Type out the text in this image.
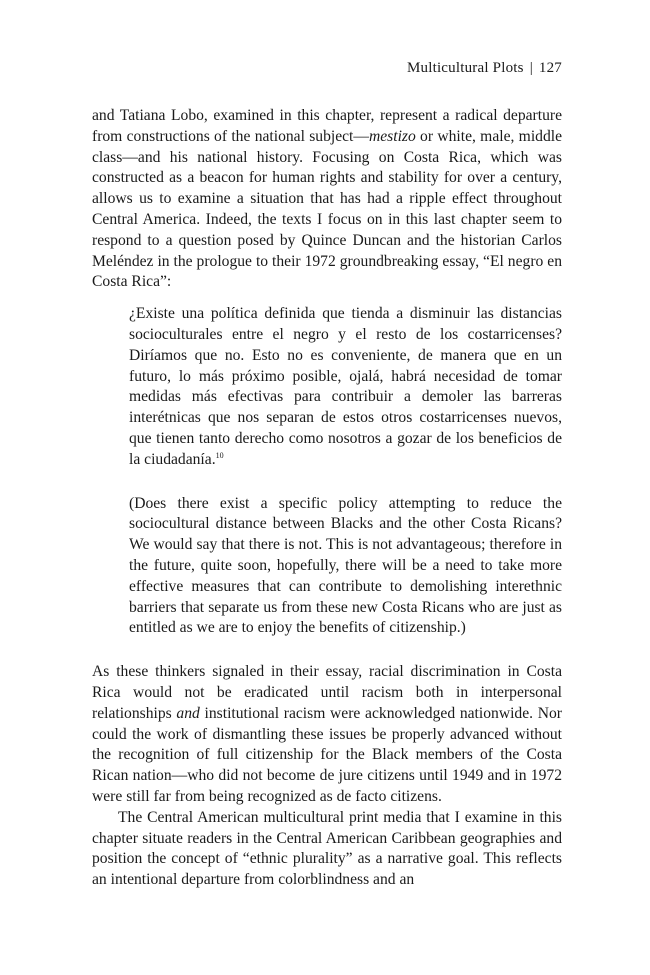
Multicultural Plots | 127

and Tatiana Lobo, examined in this chapter, represent a radical departure from constructions of the national subject—mestizo or white, male, middle class—and his national history. Focusing on Costa Rica, which was constructed as a beacon for human rights and stability for over a century, allows us to examine a situation that has had a ripple effect throughout Central America. Indeed, the texts I focus on in this last chapter seem to respond to a question posed by Quince Duncan and the historian Carlos Meléndez in the prologue to their 1972 groundbreaking essay, “El negro en Costa Rica”:

¿Existe una política definida que tienda a disminuir las distancias socioculturales entre el negro y el resto de los costarricenses? Diríamos que no. Esto no es conveniente, de manera que en un futuro, lo más próximo posible, ojalá, habrá necesidad de tomar medidas más efectivas para contribuir a demoler las barreras interétnicas que nos separan de estos otros costarricenses nuevos, que tienen tanto derecho como nosotros a gozar de los beneficios de la ciudadanía.$^{10}$

(Does there exist a specific policy attempting to reduce the sociocultural distance between Blacks and the other Costa Ricans? We would say that there is not. This is not advantageous; therefore in the future, quite soon, hopefully, there will be a need to take more effective measures that can contribute to demolishing interethnic barriers that separate us from these new Costa Ricans who are just as entitled as we are to enjoy the benefits of citizenship.)

As these thinkers signaled in their essay, racial discrimination in Costa Rica would not be eradicated until racism both in interpersonal relationships and institutional racism were acknowledged nationwide. Nor could the work of dismantling these issues be properly advanced without the recognition of full citizenship for the Black members of the Costa Rican nation—who did not become de jure citizens until 1949 and in 1972 were still far from being recognized as de facto citizens.

The Central American multicultural print media that I examine in this chapter situate readers in the Central American Caribbean geographies and position the concept of “ethnic plurality” as a narrative goal. This reflects an intentional departure from colorblindness and an
